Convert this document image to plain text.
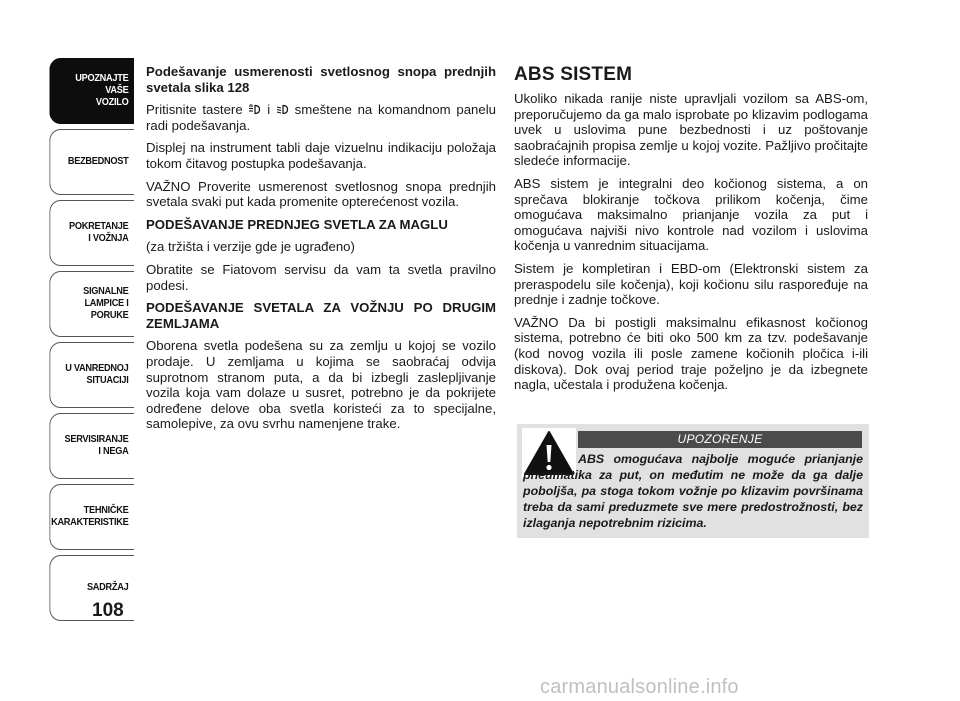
UPOZNAJTE
VAŠE
VOZILO
BEZBEDNOST
POKRETANJE
I VOŽNJA
SIGNALNE
LAMPICE I PORUKE
U VANREDNOJ
SITUACIJI
SERVISIRANJE
I NEGA
TEHNIČKE
KARAKTERISTIKE
SADRŽAJ
108

Podešavanje usmerenosti svetlosnog snopa prednjih svetala slika 128

Pritisnite tastere  i  smeštene na komandnom panelu radi podešavanja.

Displej na instrument tabli daje vizuelnu indikaciju položaja tokom čitavog postupka podešavanja.

VAŽNO Proverite usmerenost svetlosnog snopa prednjih svetala svaki put kada promenite opterećenost vozila.

PODEŠAVANJE PREDNJEG SVETLA ZA MAGLU

(za tržišta i verzije gde je ugrađeno)

Obratite se Fiatovom servisu da vam ta svetla pravilno podesi.

PODEŠAVANJE SVETALA ZA VOŽNJU PO DRUGIM ZEMLJAMA

Oborena svetla podešena su za zemlju u kojoj se vozilo prodaje. U zemljama u kojima se saobraćaj odvija suprotnom stranom puta, a da bi izbegli zaslepljivanje vozila koja vam dolaze u susret, potrebno je da pokrijete određene delove oba svetla koristeći za to specijalne, samolepive, za ovu svrhu namenjene trake.

ABS SISTEM

Ukoliko nikada ranije niste upravljali vozilom sa ABS-om, preporučujemo da ga malo isprobate po klizavim podlogama uvek u uslovima pune bezbednosti i uz poštovanje saobraćajnih propisa zemlje u kojoj vozite. Pažljivo pročitajte sledeće informacije.

ABS sistem je integralni deo kočionog sistema, a on sprečava blokiranje točkova prilikom kočenja, čime omogućava maksimalno prianjanje vozila za put i omogućava najviši nivo kontrole nad vozilom i uslovima kočenja u vanrednim situacijama.

Sistem je kompletiran i EBD-om (Elektronski sistem za preraspodelu sile kočenja), koji kočionu silu raspoređuje na prednje i zadnje točkove.

VAŽNO Da bi postigli maksimalnu efikasnost kočionog sistema, potrebno će biti oko 500 km za tzv. podešavanje (kod novog vozila ili posle zamene kočionih pločica i-ili diskova). Dok ovaj period traje poželjno je da izbegnete nagla, učestala i produžena kočenja.

UPOZORENJE
ABS omogućava najbolje moguće prianjanje pneumatika za put, on međutim ne može da ga dalje poboljša, pa stoga tokom vožnje po klizavim površinama treba da sami preduzmete sve mere predostrožnosti, bez izlaganja nepotrebnim rizicima.
carmanualsonline.info
